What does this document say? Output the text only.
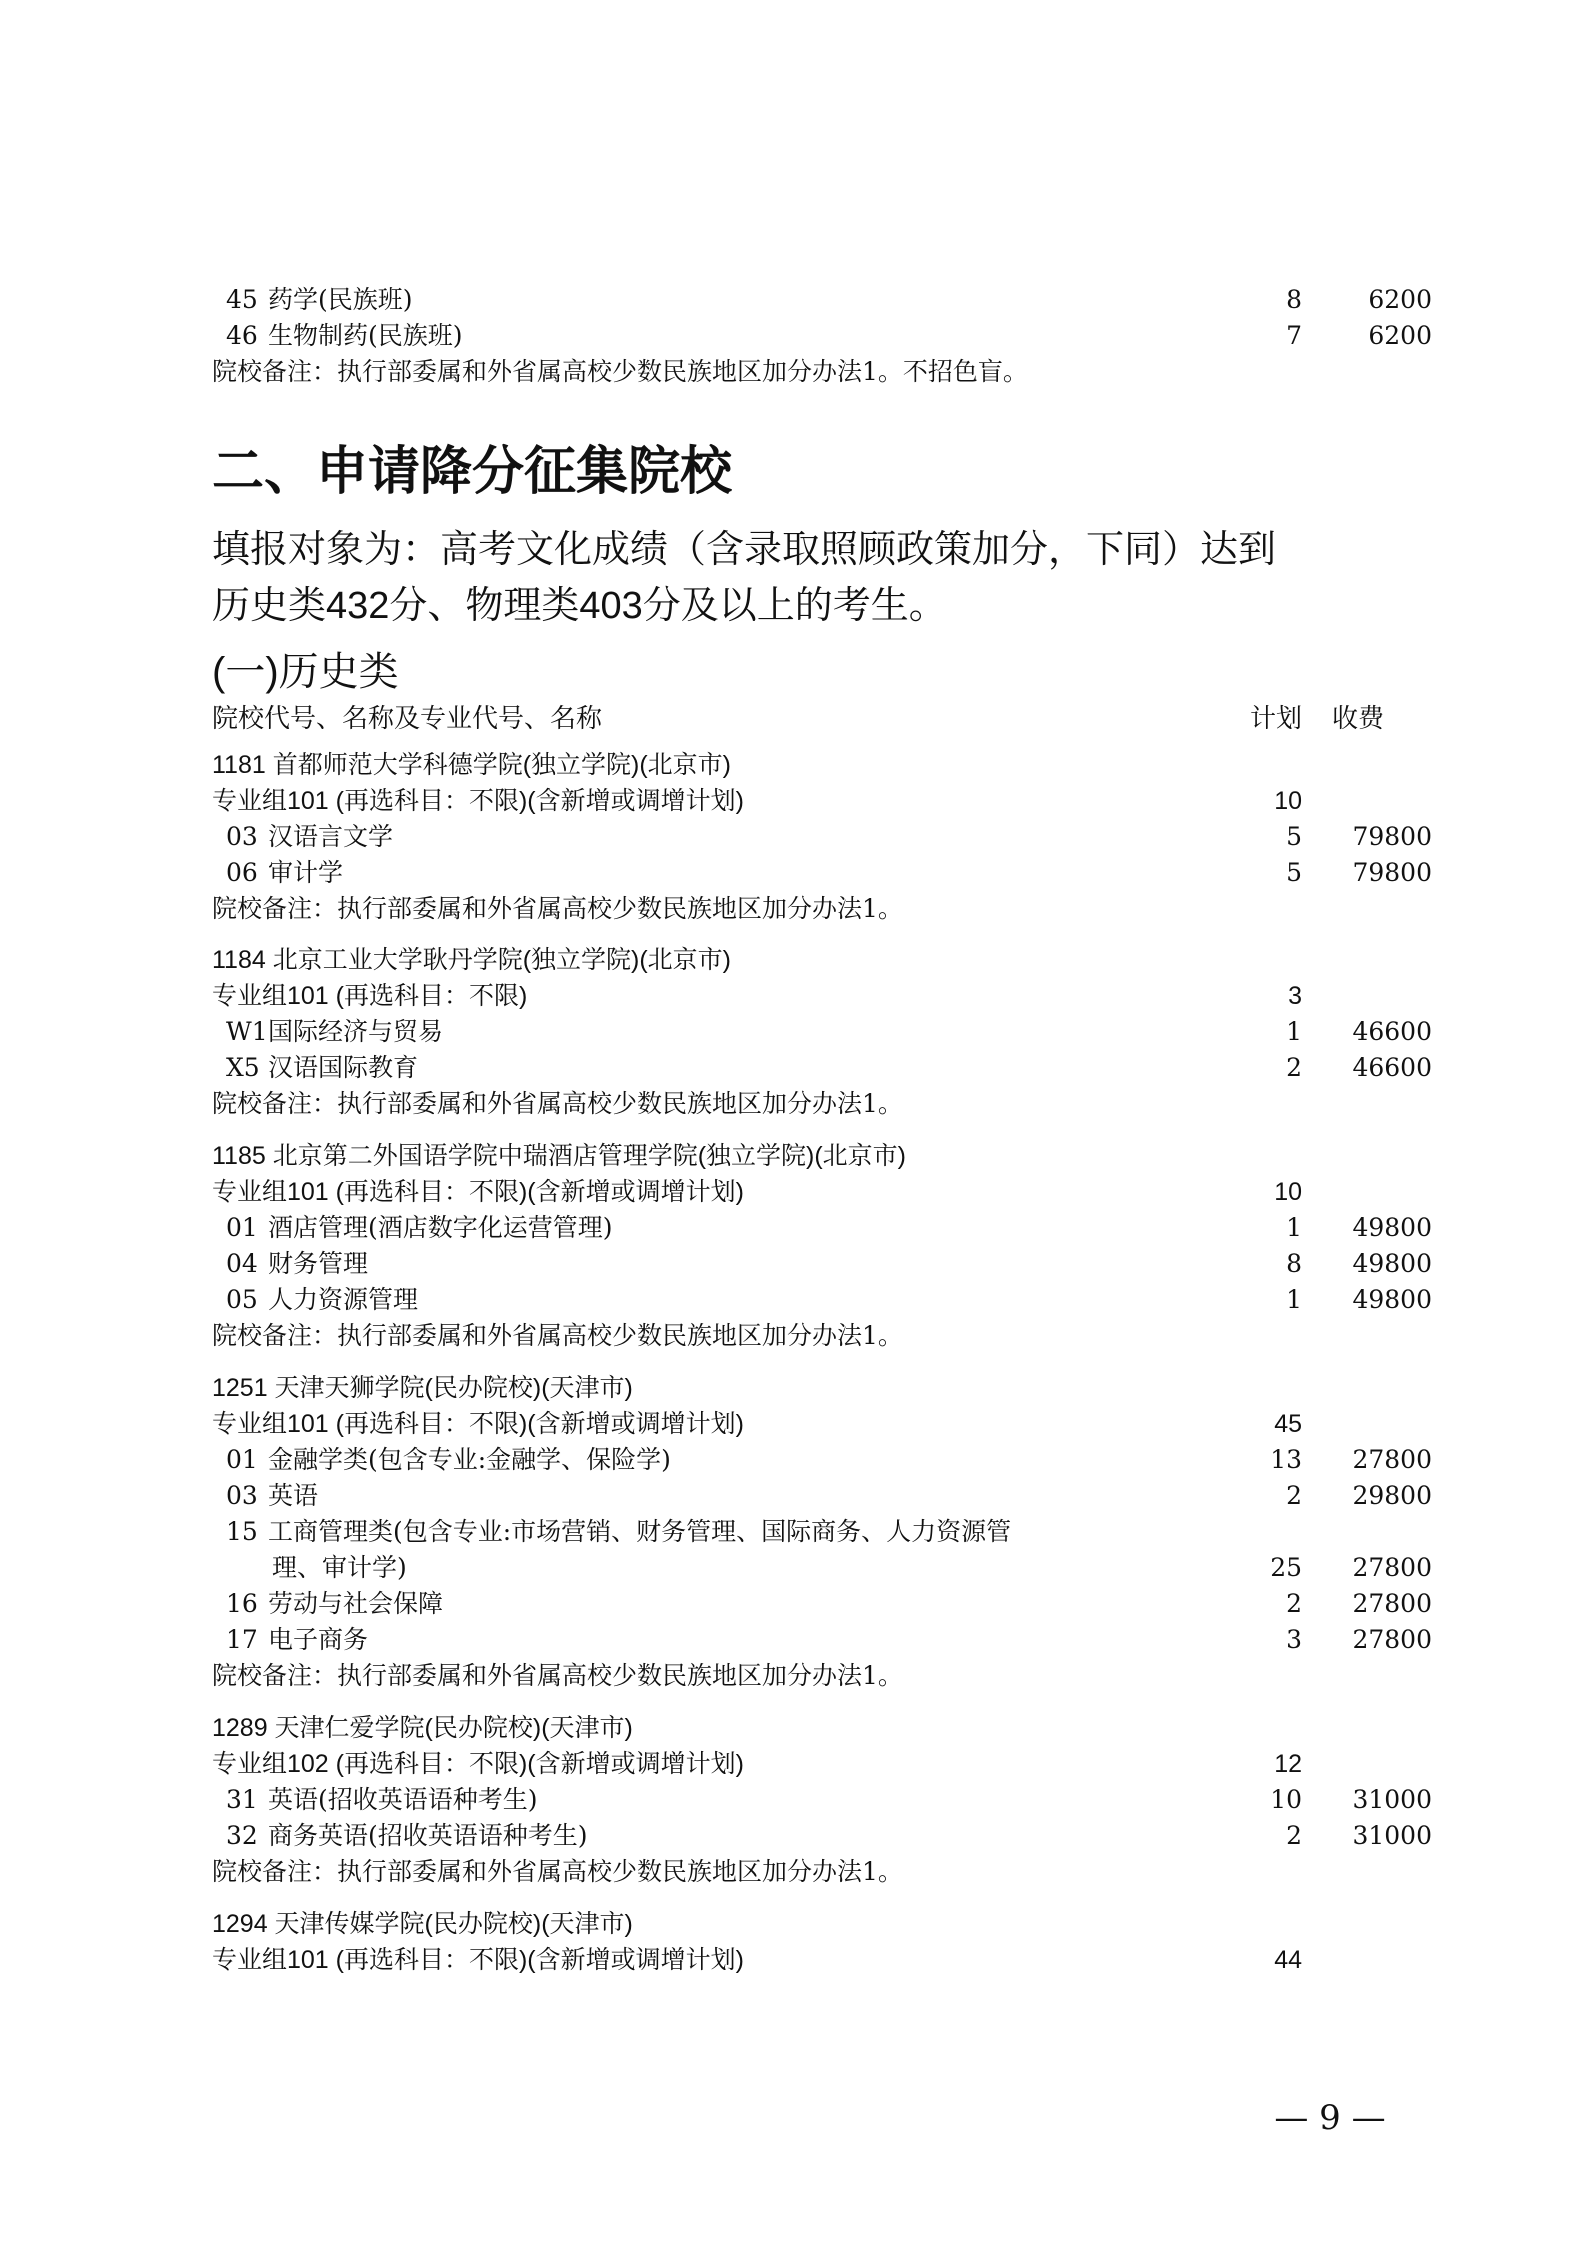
45 药学(民族班)	8	6200
46 生物制药(民族班)	7	6200
院校备注：执行部委属和外省属高校少数民族地区加分办法1。不招色盲。
二、申请降分征集院校
填报对象为：高考文化成绩（含录取照顾政策加分，下同）达到
历史类432分、物理类403分及以上的考生。
(一)历史类
院校代号、名称及专业代号、名称	计划 收费
1181 首都师范大学科德学院(独立学院)(北京市)
专业组101 (再选科目：不限)(含新增或调增计划)	10
03 汉语言文学	5	79800
06 审计学	5	79800
院校备注：执行部委属和外省属高校少数民族地区加分办法1。
1184 北京工业大学耿丹学院(独立学院)(北京市)
专业组101 (再选科目：不限)	3
W1 国际经济与贸易	1	46600
X5 汉语国际教育	2	46600
院校备注：执行部委属和外省属高校少数民族地区加分办法1。
1185 北京第二外国语学院中瑞酒店管理学院(独立学院)(北京市)
专业组101 (再选科目：不限)(含新增或调增计划)	10
01 酒店管理(酒店数字化运营管理)	1	49800
04 财务管理	8	49800
05 人力资源管理	1	49800
院校备注：执行部委属和外省属高校少数民族地区加分办法1。
1251 天津天狮学院(民办院校)(天津市)
专业组101 (再选科目：不限)(含新增或调增计划)	45
01 金融学类(包含专业:金融学、保险学)	13	27800
03 英语	2	29800
15 工商管理类(包含专业:市场营销、财务管理、国际商务、人力资源管
理、审计学)	25	27800
16 劳动与社会保障	2	27800
17 电子商务	3	27800
院校备注：执行部委属和外省属高校少数民族地区加分办法1。
1289 天津仁爱学院(民办院校)(天津市)
专业组102 (再选科目：不限)(含新增或调增计划)	12
31 英语(招收英语语种考生)	10	31000
32 商务英语(招收英语语种考生)	2	31000
院校备注：执行部委属和外省属高校少数民族地区加分办法1。
1294 天津传媒学院(民办院校)(天津市)
专业组101 (再选科目：不限)(含新增或调增计划)	44
— 9 —
